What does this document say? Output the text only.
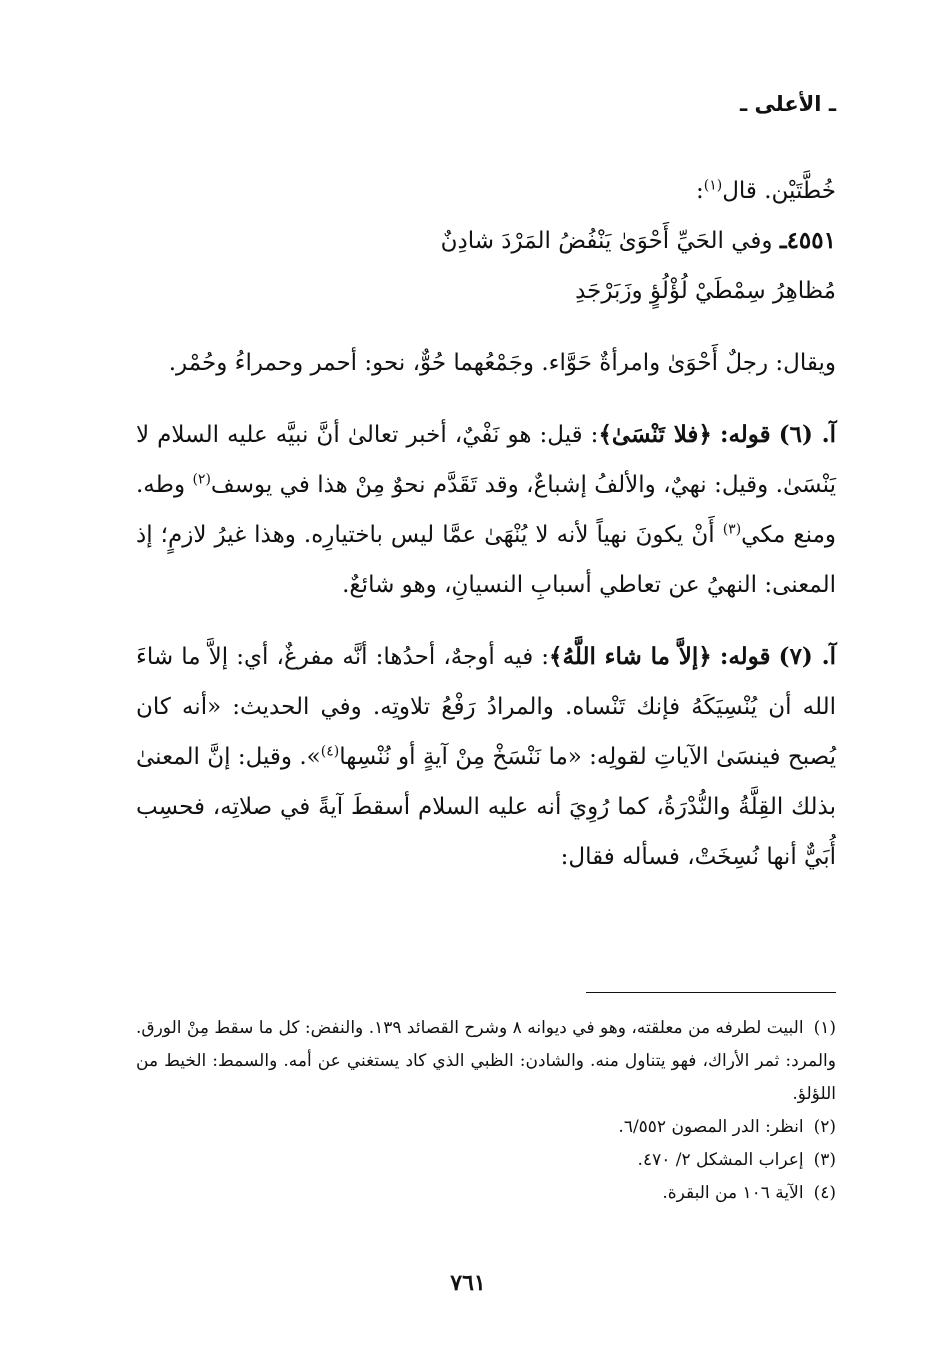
ـ الأعلى ـ

خُطَّتَيْن. قال$^{(١)}$:

٤٥٥١ـ وفي الحَيِّ أَحْوَىٰ يَنْفُضُ المَرْدَ شادِنٌ

مُظاهِرُ سِمْطَيْ لُؤْلُؤٍ وزَبَرْجَدِ

ويقال: رجلٌ أَحْوَىٰ وامرأةٌ حَوَّاء. وجَمْعُهما حُوٌّ، نحو: أحمر وحمراءُ وحُمْر.

آ. (٦) قوله: ﴿فلا تَنْسَىٰ﴾: قيل: هو نَفْيٌ، أخبر تعالىٰ أنَّ نبيَّه عليه السلام لا يَنْسَىٰ. وقيل: نهيٌ، والألفُ إشباعٌ، وقد تَقَدَّم نحوٌ مِنْ هذا في يوسف$^{(٢)}$ وطه. ومنع مكي$^{(٣)}$ أَنْ يكونَ نهياً لأنه لا يُنْهَىٰ عمَّا ليس باختيارِه. وهذا غيرُ لازمٍ؛ إذ المعنى: النهيُ عن تعاطي أسبابِ النسيانِ، وهو شائعٌ.

آ. (٧) قوله: ﴿إلاَّ ما شاء اللَّهُ﴾: فيه أوجهٌ، أحدُها: أنَّه مفرغٌ، أي: إلاَّ ما شاءَ الله أن يُنْسِيَكَهُ فإنك تَنْساه. والمرادُ رَفْعُ تلاوتِه. وفي الحديث: «أنه كان يُصبح فينسَىٰ الآياتِ لقولِه: «ما نَنْسَخْ مِنْ آيةٍ أو نُنْسِها$^{(٤)}$». وقيل: إنَّ المعنىٰ بذلك القِلَّةُ والنُّدْرَةُ، كما رُوِيَ أنه عليه السلام أسقطَ آيةً في صلاتِه، فحسِب أُبَيٌّ أنها نُسِخَتْ، فسأله فقال:

(١)البيت لطرفه من معلقته، وهو في ديوانه ٨ وشرح القصائد ١٣٩. والنفض: كل ما سقط مِنْ الورق. والمرد: ثمر الأراك، فهو يتناول منه. والشادن: الظبي الذي كاد يستغني عن أمه. والسمط: الخيط من اللؤلؤ.

(٢)انظر: الدر المصون ٦/٥٥٢.

(٣)إعراب المشكل ٢/ ٤٧٠.

(٤)الآية ١٠٦ من البقرة.

٧٦١
